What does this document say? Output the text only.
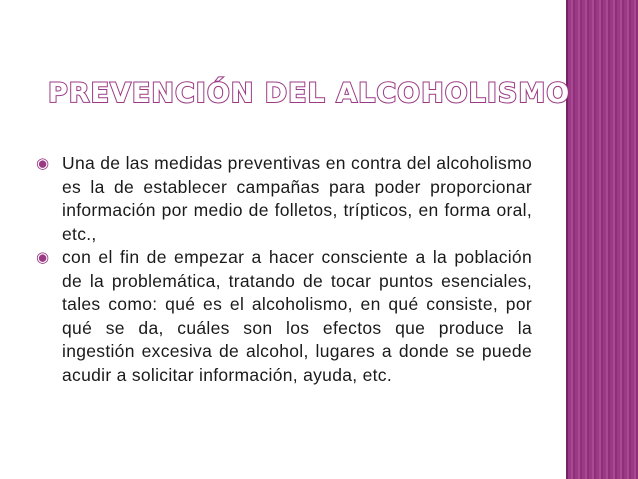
PREVENCIÓN DEL ALCOHOLISMO
◉ Una de las medidas preventivas en contra del alcoholismo es la de establecer campañas para poder proporcionar información por medio de folletos, trípticos, en forma oral, etc.,
◉ con el fin de empezar a hacer consciente a la población de la problemática, tratando de tocar puntos esenciales, tales como: qué es el alcoholismo, en qué consiste, por qué se da, cuáles son los efectos que produce la ingestión excesiva de alcohol, lugares a donde se puede acudir a solicitar información, ayuda, etc.
